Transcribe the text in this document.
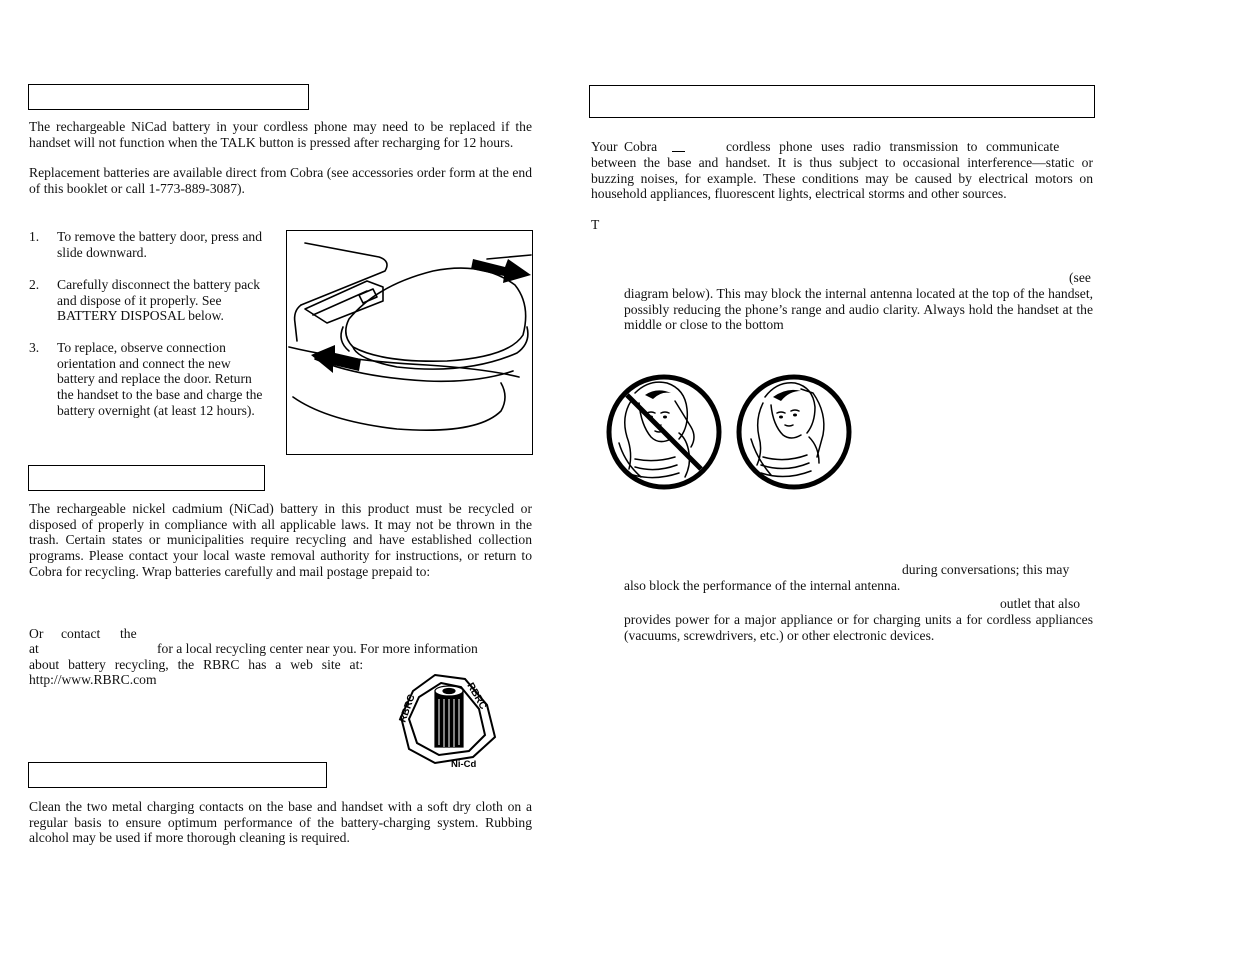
The rechargeable NiCad battery in your cordless phone may need to be replaced if the handset will not function when the TALK button is pressed after recharging for 12 hours.
Replacement batteries are available direct from Cobra (see accessories order form at the end of this booklet or call 1-773-889-3087).
1. To remove the battery door, press and slide downward.
2. Carefully disconnect the battery pack and dispose of it properly. See BATTERY DISPOSAL below.
3. To replace, observe connection orientation and connect the new battery and replace the door. Return the handset to the base and charge the battery overnight (at least 12 hours).
The rechargeable nickel cadmium (NiCad) battery in this product must be recycled or disposed of properly in compliance with all applicable laws. It may not be thrown in the trash. Certain states or municipalities require recycling and have established collection programs. Please contact your local waste removal authority for instructions, or return to Cobra for recycling. Wrap batteries carefully and mail postage prepaid to:
Or contact the
at	for a local recycling center near you. For more information
about battery recycling, the RBRC has a web site at:
http://www.RBRC.com
RBRC
RBRC
Ni-Cd
Clean the two metal charging contacts on the base and handset with a soft dry cloth on a regular basis to ensure optimum performance of the battery-charging system. Rubbing alcohol may be used if more thorough cleaning is required.
Your Cobra	cordless phone uses radio transmission to communicate
between the base and handset. It is thus subject to occasional interference—static or buzzing noises, for example. These conditions may be caused by electrical motors on household appliances, fluorescent lights, electrical storms and other sources.
T
(see
diagram below). This may block the internal antenna located at the top of the handset, possibly reducing the phone’s range and audio clarity. Always hold the handset at the middle or close to the bottom
during conversations; this may
also block the performance of the internal antenna.
outlet that also
provides power for a major appliance or for charging units a for cordless appliances (vacuums, screwdrivers, etc.) or other electronic devices.
